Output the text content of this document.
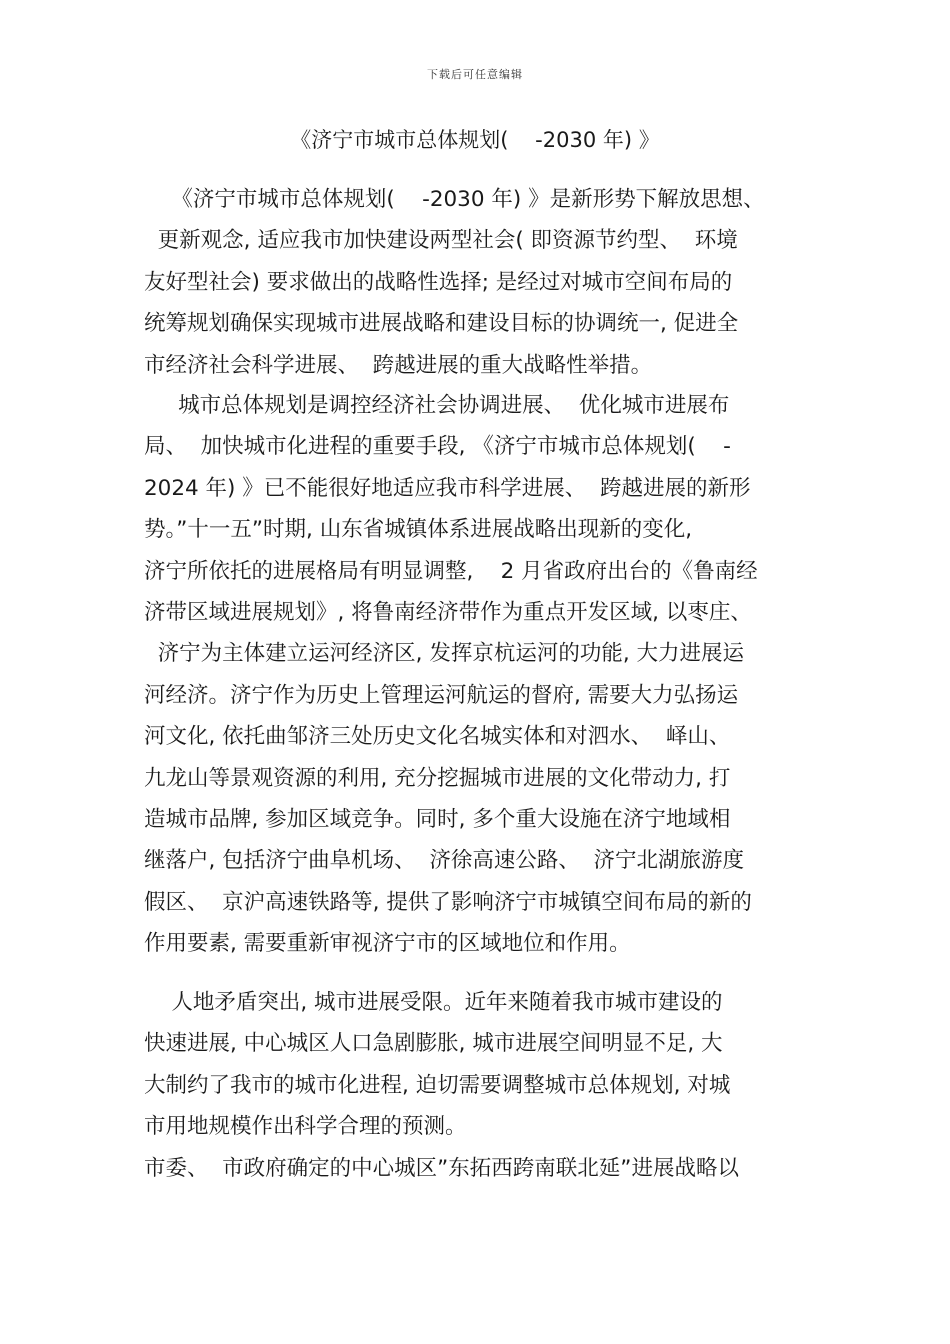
下载后可任意编辑
《济宁市城市总体规划(    -2030 年) 》
《济宁市城市总体规划(    -2030 年) 》是新形势下解放思想、
更新观念, 适应我市加快建设两型社会( 即资源节约型、  环境
友好型社会) 要求做出的战略性选择; 是经过对城市空间布局的
统筹规划确保实现城市进展战略和建设目标的协调统一, 促进全
市经济社会科学进展、  跨越进展的重大战略性举措。
城市总体规划是调控经济社会协调进展、  优化城市进展布
局、  加快城市化进程的重要手段, 《济宁市城市总体规划(    -
2024 年) 》已不能很好地适应我市科学进展、  跨越进展的新形
势。”十一五”时期, 山东省城镇体系进展战略出现新的变化,
济宁所依托的进展格局有明显调整,    2 月省政府出台的《鲁南经
济带区域进展规划》, 将鲁南经济带作为重点开发区域, 以枣庄、
济宁为主体建立运河经济区, 发挥京杭运河的功能, 大力进展运
河经济。济宁作为历史上管理运河航运的督府, 需要大力弘扬运
河文化, 依托曲邹济三处历史文化名城实体和对泗水、  峄山、
九龙山等景观资源的利用, 充分挖掘城市进展的文化带动力, 打
造城市品牌, 参加区域竞争。同时, 多个重大设施在济宁地域相
继落户, 包括济宁曲阜机场、  济徐高速公路、  济宁北湖旅游度
假区、  京沪高速铁路等, 提供了影响济宁市城镇空间布局的新的
作用要素, 需要重新审视济宁市的区域地位和作用。
人地矛盾突出, 城市进展受限。近年来随着我市城市建设的
快速进展, 中心城区人口急剧膨胀, 城市进展空间明显不足, 大
大制约了我市的城市化进程, 迫切需要调整城市总体规划, 对城
市用地规模作出科学合理的预测。
市委、  市政府确定的中心城区”东拓西跨南联北延”进展战略以
